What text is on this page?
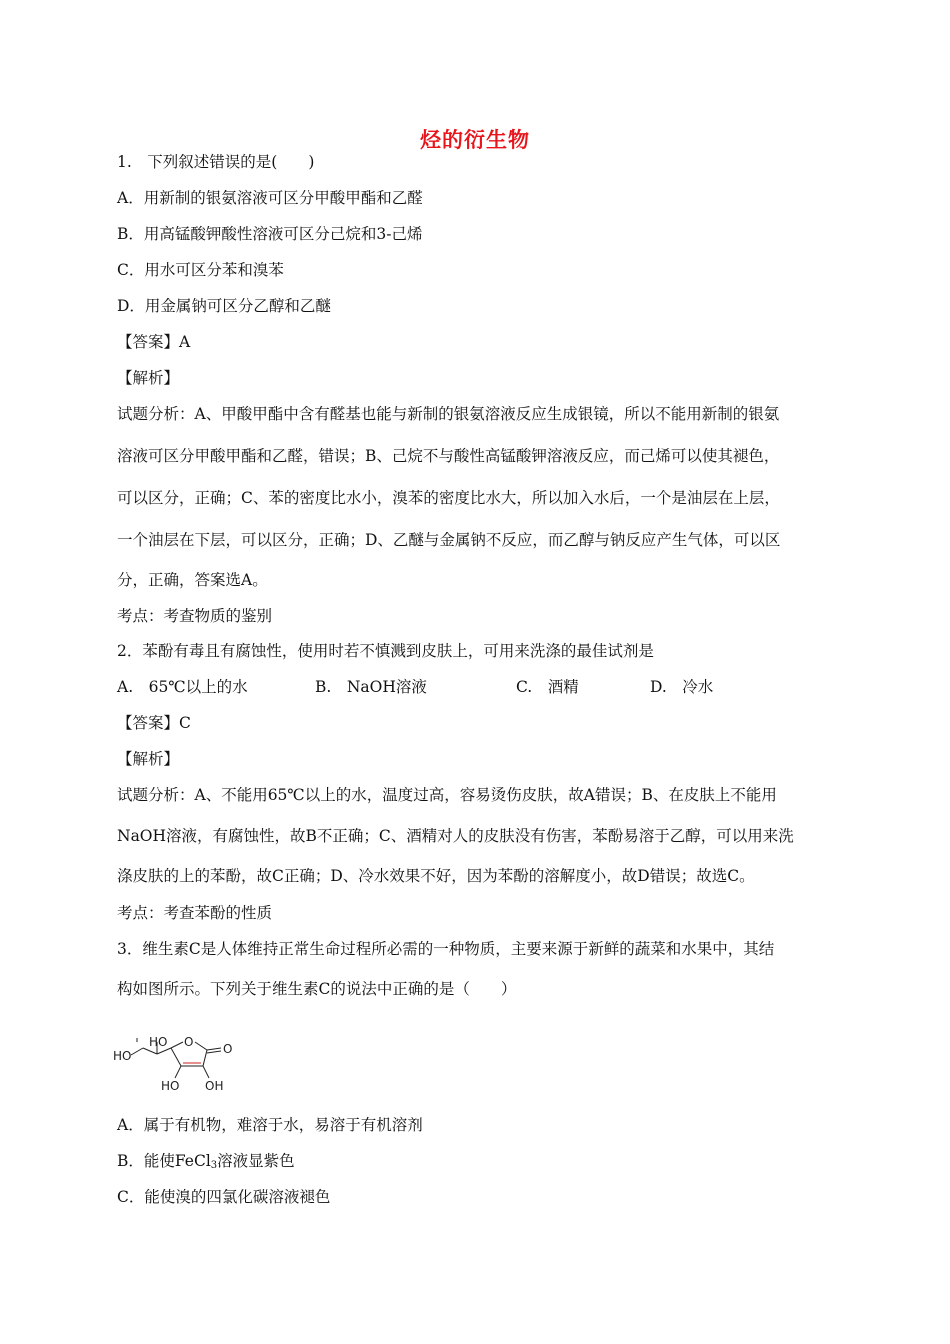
烃的衍生物
1.　下列叙述错误的是(　　)
A．用新制的银氨溶液可区分甲酸甲酯和乙醛
B．用高锰酸钾酸性溶液可区分己烷和3-己烯
C．用水可区分苯和溴苯
D．用金属钠可区分乙醇和乙醚
【答案】A
【解析】
试题分析：A、甲酸甲酯中含有醛基也能与新制的银氨溶液反应生成银镜，所以不能用新制的银氨
溶液可区分甲酸甲酯和乙醛，错误；B、己烷不与酸性高锰酸钾溶液反应，而己烯可以使其褪色，
可以区分，正确；C、苯的密度比水小，溴苯的密度比水大，所以加入水后，一个是油层在上层，
一个油层在下层，可以区分，正确；D、乙醚与金属钠不反应，而乙醇与钠反应产生气体，可以区
分，正确，答案选A。
考点：考查物质的鉴别
2．苯酚有毒且有腐蚀性，使用时若不慎溅到皮肤上，可用来洗涤的最佳试剂是
A.　65℃以上的水	B.　NaOH溶液	C.　酒精	D.　冷水
【答案】C
【解析】
试题分析：A、不能用65℃以上的水，温度过高，容易烫伤皮肤，故A错误；B、在皮肤上不能用
NaOH溶液，有腐蚀性，故B不正确；C、酒精对人的皮肤没有伤害，苯酚易溶于乙醇，可以用来洗
涤皮肤的上的苯酚，故C正确；D、冷水效果不好，因为苯酚的溶解度小，故D错误；故选C。
考点：考查苯酚的性质
3．维生素C是人体维持正常生命过程所必需的一种物质，主要来源于新鲜的蔬菜和水果中，其结
构如图所示。下列关于维生素C的说法中正确的是（　　）
HO
HO
O O
HO OH
A．属于有机物，难溶于水，易溶于有机溶剂
B．能使FeCl$_3$溶液显紫色
C．能使溴的四氯化碳溶液褪色
